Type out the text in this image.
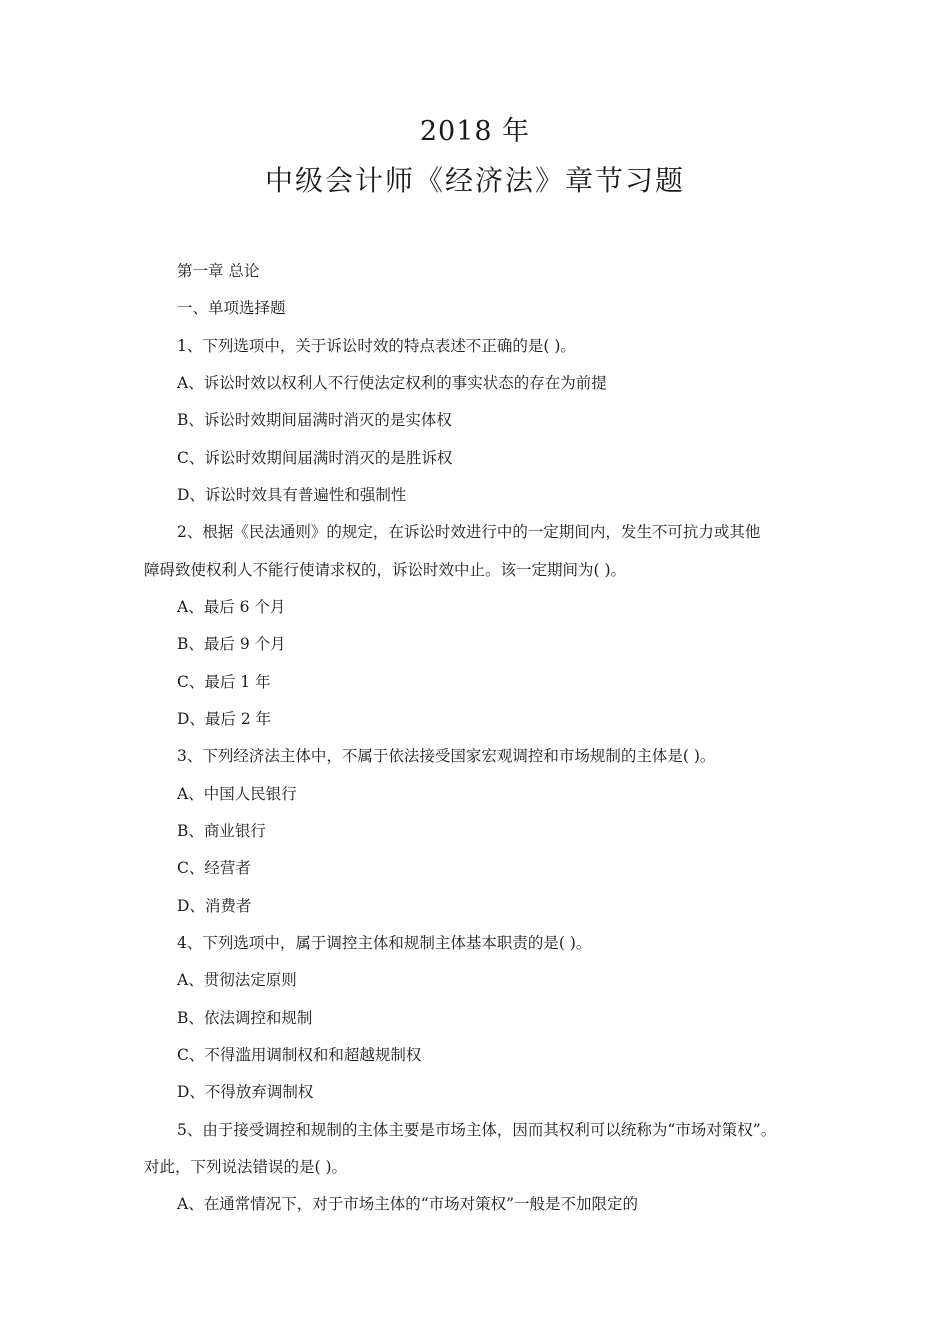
2018 年
中级会计师《经济法》章节习题
第一章 总论
一、单项选择题
1、下列选项中，关于诉讼时效的特点表述不正确的是( )。
A、诉讼时效以权利人不行使法定权利的事实状态的存在为前提
B、诉讼时效期间届满时消灭的是实体权
C、诉讼时效期间届满时消灭的是胜诉权
D、诉讼时效具有普遍性和强制性
2、根据《民法通则》的规定，在诉讼时效进行中的一定期间内，发生不可抗力或其他
障碍致使权利人不能行使请求权的，诉讼时效中止。该一定期间为( )。
A、最后 6 个月
B、最后 9 个月
C、最后 1 年
D、最后 2 年
3、下列经济法主体中，不属于依法接受国家宏观调控和市场规制的主体是( )。
A、中国人民银行
B、商业银行
C、经营者
D、消费者
4、下列选项中，属于调控主体和规制主体基本职责的是( )。
A、贯彻法定原则
B、依法调控和规制
C、不得滥用调制权和和超越规制权
D、不得放弃调制权
5、由于接受调控和规制的主体主要是市场主体，因而其权利可以统称为“市场对策权”。
对此，下列说法错误的是( )。
A、在通常情况下，对于市场主体的“市场对策权”一般是不加限定的
